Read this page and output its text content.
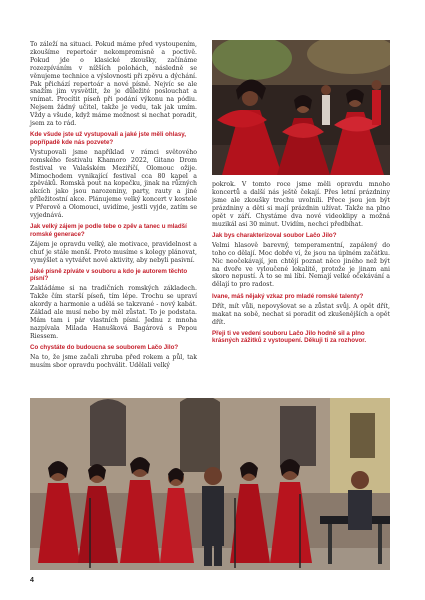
To záleží na situaci. Pokud máme před vystoupením, zkoušíme repertoár nekompromisně a poctivě. Pokud jde o klasické zkoušky, začínáme rozezpíváním v nížších polohách, následně se věnujeme technice a výslovnosti při zpěvu a dýchání. Pak přichází repertoár a nové písně. Nejvíc se ale snažím jim vysvětlit, že je důležité poslouchat a vnímat. Procítit píseň při podání výkonu na pódiu. Nejsem žádný učitel, takže je vedu, tak jak umím. Vždy a všude, když máme možnost si nechat poradit, jsem za to rád.

Kde všude jste už vystupovali a jaké jste měli ohlasy, popřípadě kde nás pozvete?

Vystupovali jsme například v rámci světového romského festivalu Khamoro 2022, Gitano Drom festival ve Valašském Meziříčí, Olomouc ožije. Mimochodem vynikající festival cca 80 kapel a zpěváků. Romská pout na kopečku, jinak na různých akcích jako jsou narozeniny, party, rauty a jiné příležitostní akce. Plánujeme velký koncert v kostele v Přerově a Olomouci, uvidíme, jestli vyjde, zatím se vyjednává.

Jak velký zájem je podle tebe o zpěv a tanec u mladší romské generace?

Zájem je opravdu velký, ale motivace, pravidelnost a chuť je stále menší. Proto musíme s kolegy plánovat, vymýšlet a vytvářet nové aktivity, aby nebyli pasivní.

Jaké písně zpíváte v souboru a kdo je autorem těchto písní?

Zakládáme si na tradičních romských základech. Takže čím starší píseň, tím lépe. Trochu se upraví akordy a harmonie a udělá se takzvané - nový kabát. Základ ale musí nebo by měl zůstat. To je podstata. Mám tam i pár vlastních písní. Jednu z mnoha nazpívala Milada Hanušková Bagárová s Pepou Riessem.

Co chystáte do budoucna se souborem Lačo Jilo?

Na to, že jsme začali zhruba před rokem a půl, tak musím sbor opravdu pochválit. Udělali velký

pokrok. V tomto roce jsme měli opravdu mnoho koncertů a další nás ještě čekají. Přes letní prázdniny jsme ale zkoušky trochu uvolnili. Přece jsou jen být prázdniny a děti si mají prázdnin užívat. Takže na plno opět v září. Chystáme dva nové videoklipy a možná muzikál asi 30 minut. Uvidím, nechci předbíhat.

Jak bys charakterizoval soubor Lačo Jilo?

Velmi hlasově barevný, temperamentní, zapálený do toho co dělají. Moc dobře ví, že jsou na úplném začátku. Nic neočekávají, jen chtějí poznat něco jiného než být na dvoře ve vyloučené lokalitě, protože je jinam ani skoro nepustí. A to se mi líbí. Nemají velké očekávání a dělají to pro radost.

Ivane, máš nějaký vzkaz pro mladé romské talenty?

Dřít, mít vůli, nepovyšovat se a zůstat svůj. A opět dřít, makat na sobě, nechat si poradit od zkušenějších a opět dřít.

Přeji ti ve vedení souboru Lačo Jilo hodně sil a plno krásných zážitků z vystoupení. Děkuji ti za rozhovor.

4
